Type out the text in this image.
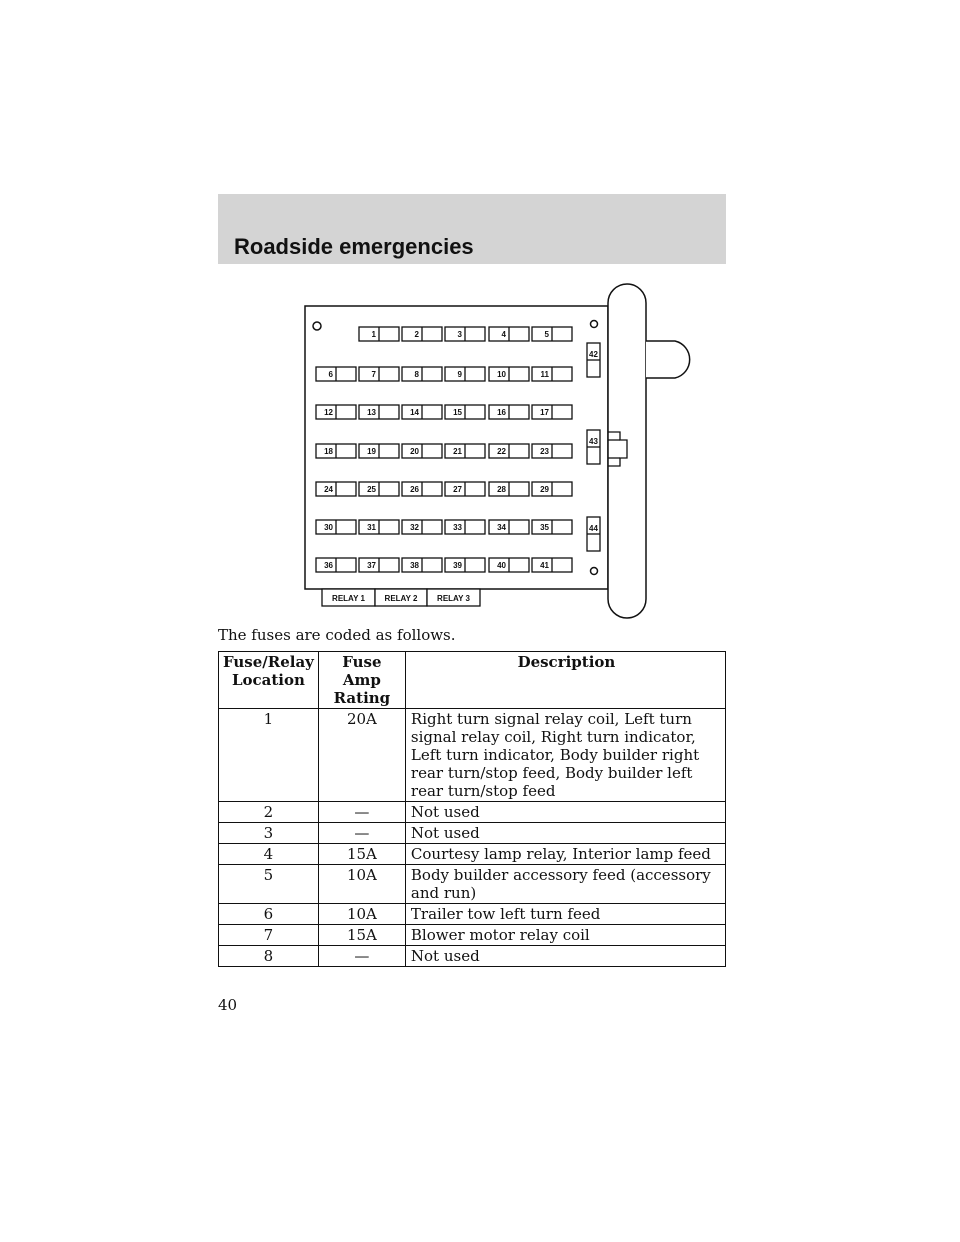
Roadside emergencies
1	2	3	4	5
6	7	8	9	10	11
12	13	14	15	16	17
18	19	20	21	22	23
24	25	26	27	28	29
30	31	32	33	34	35
36	37	38	39	40	41
42
43
44
RELAY 1 RELAY 2 RELAY 3
The fuses are coded as follows.
Fuse/Relay Location	Fuse Amp Rating	Description
1	20A	Right turn signal relay coil, Left turn signal relay coil, Right turn indicator, Left turn indicator, Body builder right rear turn/stop feed, Body builder left rear turn/stop feed
2	—	Not used
3	—	Not used
4	15A	Courtesy lamp relay, Interior lamp feed
5	10A	Body builder accessory feed (accessory and run)
6	10A	Trailer tow left turn feed
7	15A	Blower motor relay coil
8	—	Not used
40
